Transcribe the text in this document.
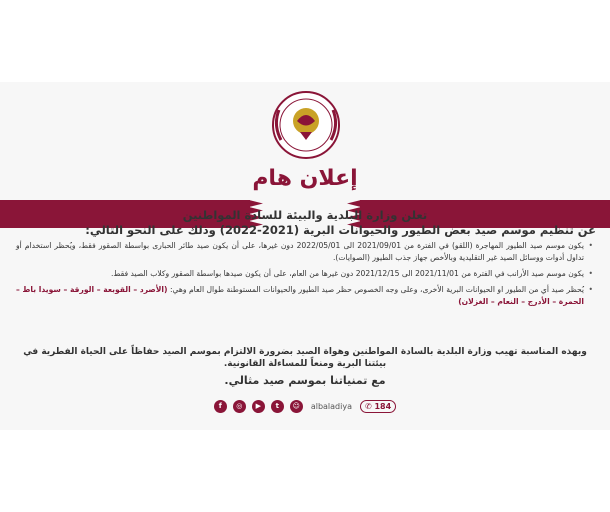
إعلان هام

تعلن وزارة البلدية والبيئة للسادة المواطنين

عن تنظيم موسم صيد بعض الطيور والحيوانات البرية (2021-2022) وذلك على النحو التالي:

• يكون موسم صيد الطيور المهاجرة (اللقو) في الفترة من 2021/09/01 الى 2022/05/01 دون غيرها، على أن يكون صيد طائر الحبارى بواسطة الصقور فقط، ويُحظر استخدام أو تداول أدوات ووسائل الصيد غير التقليدية وبالأخص جهاز جذب الطيور (الصوايات).
• يكون موسم صيد الأرانب في الفترة من 2021/11/01 الى 2021/12/15 دون غيرها من العام، على أن يكون صيدها بواسطة الصقور وكلاب الصيد فقط.
• يُحظر صيد أي من الطيور او الحيوانات البرية الأخرى، وعلى وجه الخصوص حظر صيد الطيور والحيوانات المستوطنة طوال العام وهي: (الأصرد – القوبعة – الورقة – سويدا باط – الحمرة – الأدرج – النعام – الغزلان)

وبهذه المناسبة تهيب وزارة البلدية بالسادة المواطنين وهواة الصيد بضرورة الالتزام بموسم الصيد حفاظاً على الحياة الفطرية في بيئتنا البرية ومنعاً للمساءلة القانونية.

مع تمنياتنا بموسم صيد مثالي.

f	◎	▶	t	☺	albaladiya	✆ 184
